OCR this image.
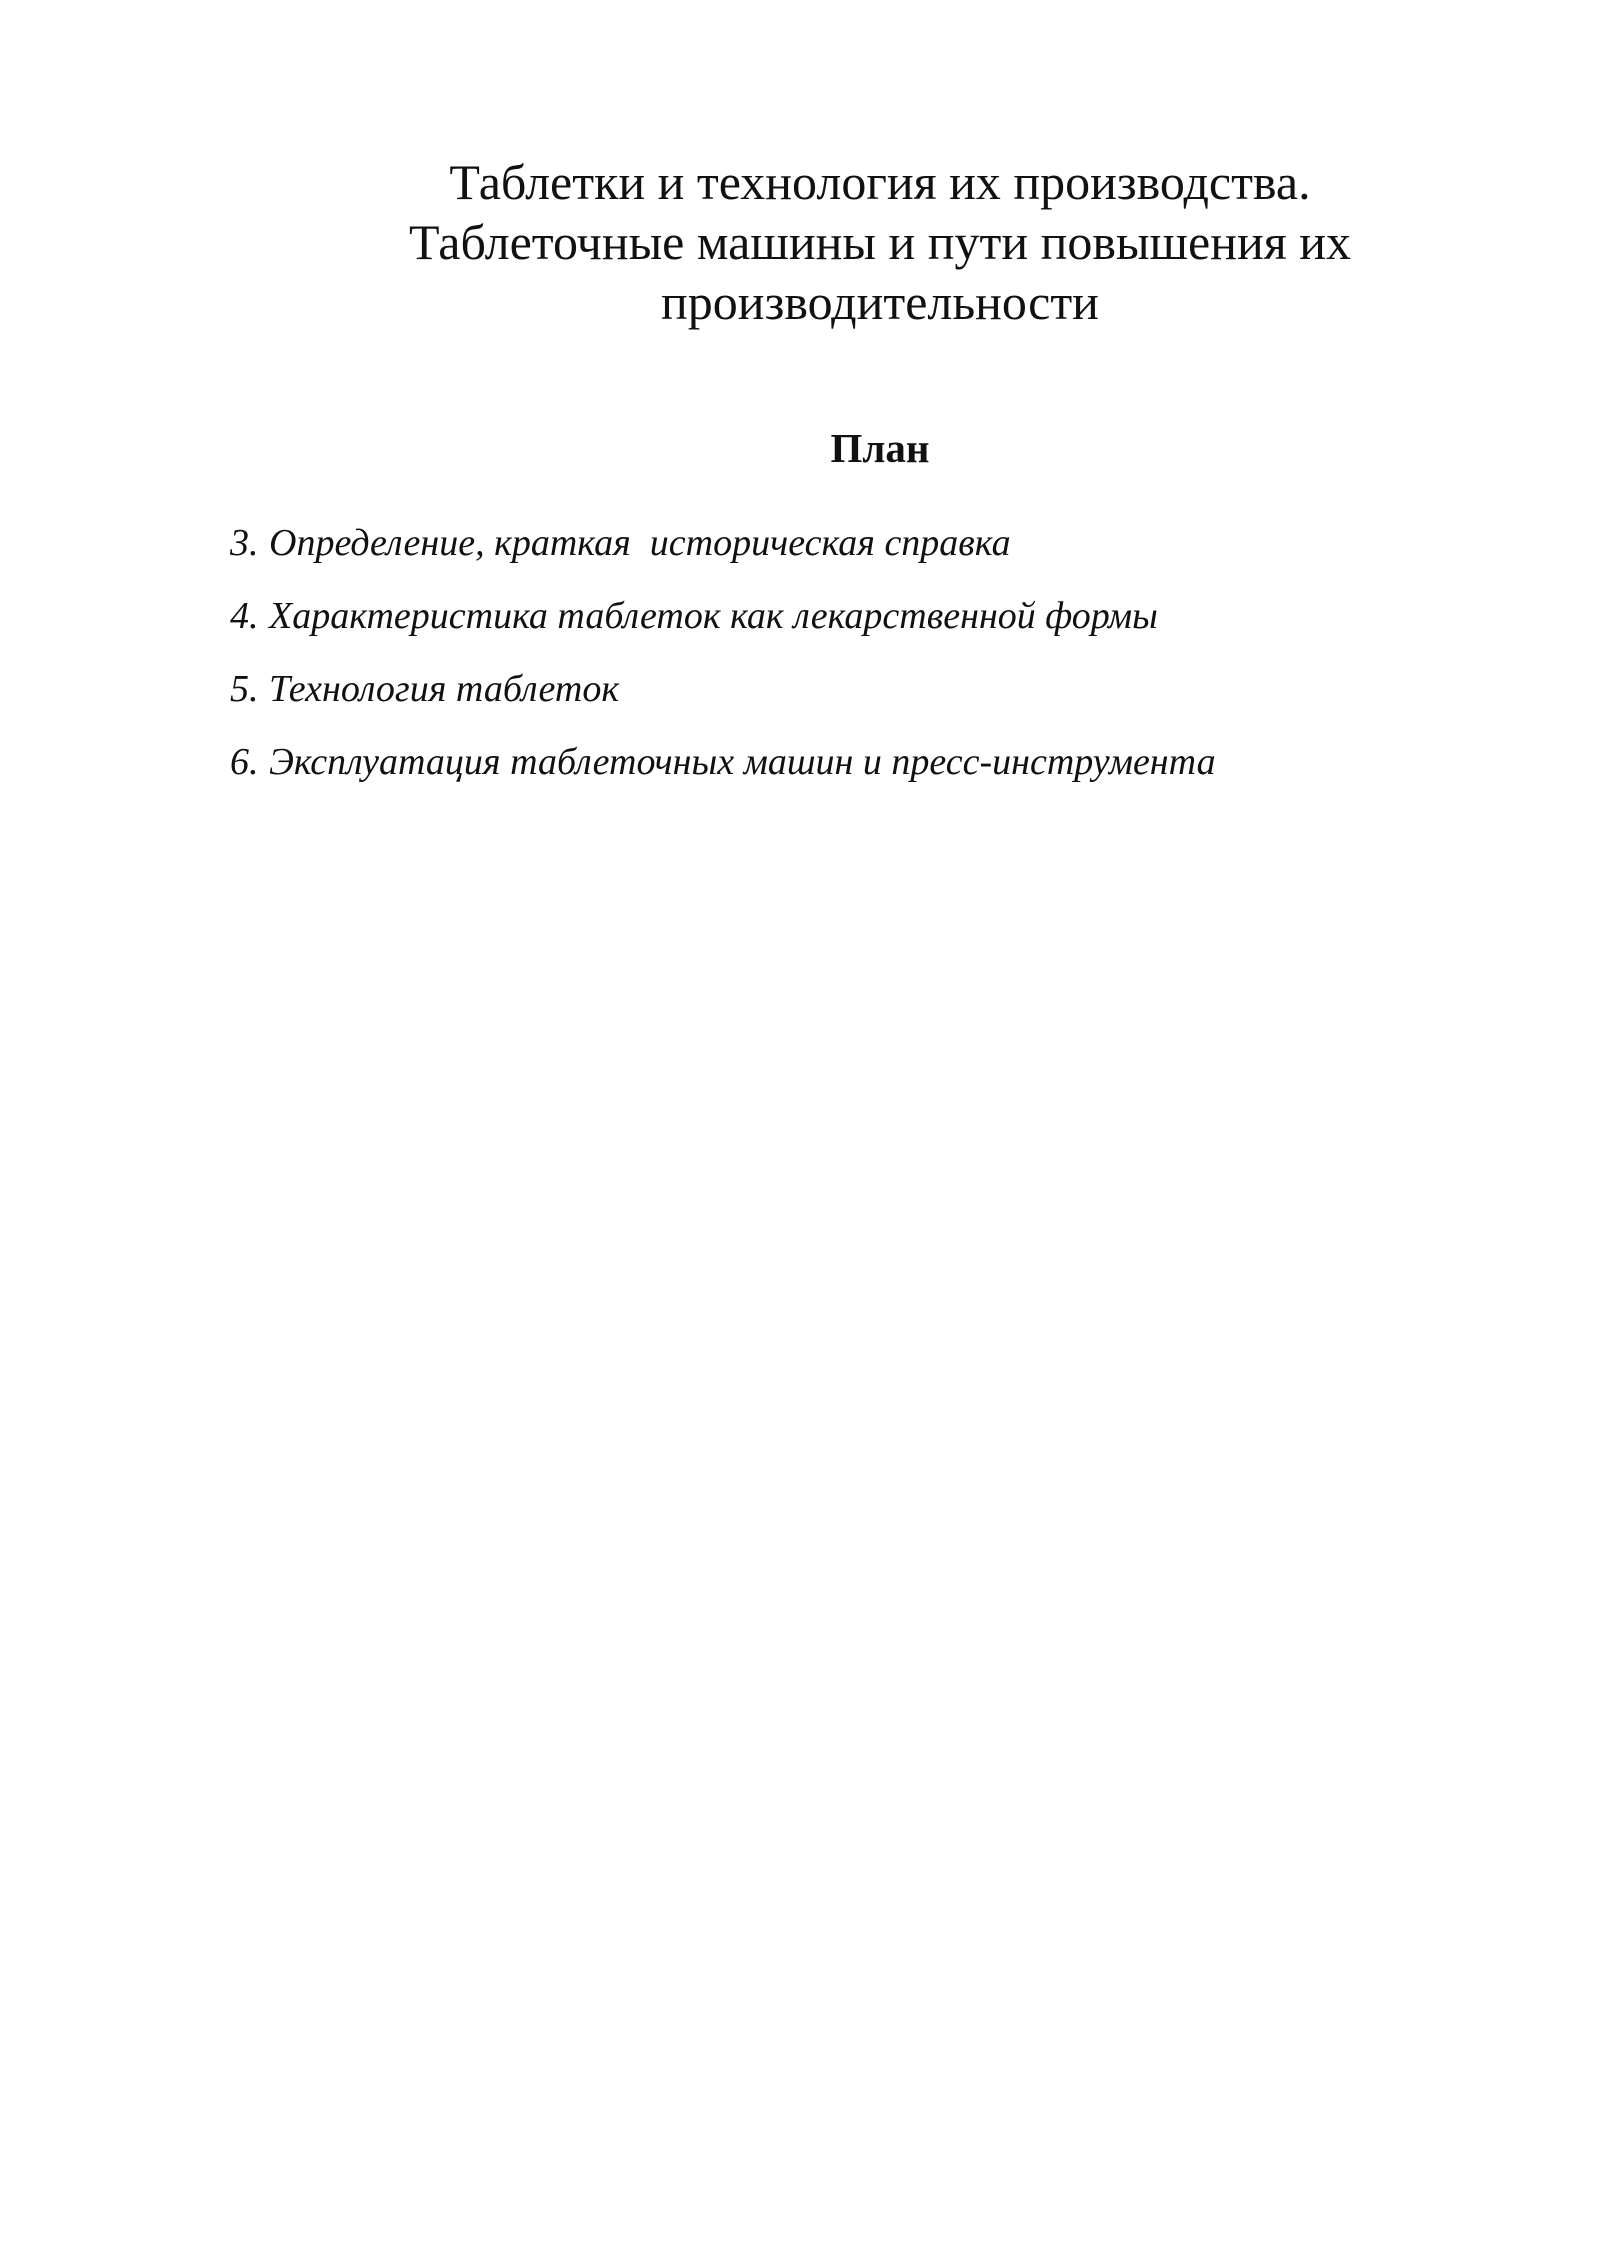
Таблетки и технология их производства.
Таблеточные машины и пути повышения их
производительности
План
3. Определение, краткая  историческая справка
4. Характеристика таблеток как лекарственной формы
5. Технология таблеток
6. Эксплуатация таблеточных машин и пресс-инструмента
